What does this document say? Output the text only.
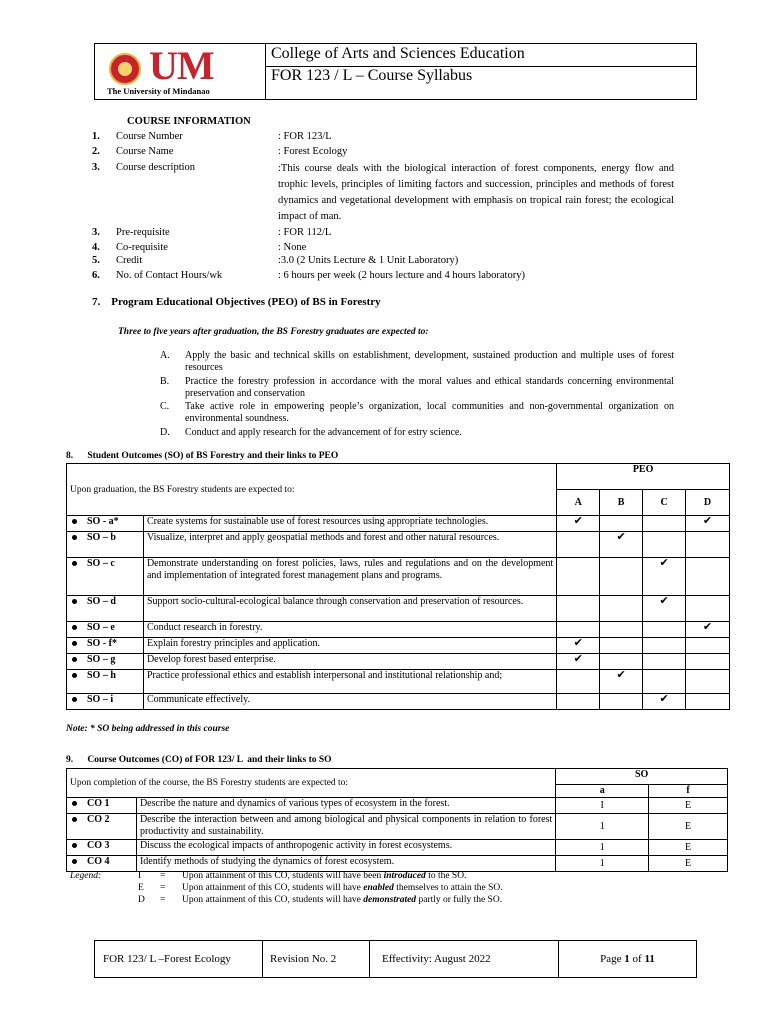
UM
The University of Mindanao
College of Arts and Sciences Education
FOR 123 / L – Course Syllabus
COURSE INFORMATION
1. Course Number	: FOR 123/L
2. Course Name	: Forest Ecology
3. Course description	:This course deals with the biological interaction of forest components, energy flow and trophic levels, principles of limiting factors and succession, principles and methods of forest dynamics and vegetational development with emphasis on tropical rain forest; the ecological impact of man.
3. Pre-requisite	: FOR 112/L
4. Co-requisite	: None
5. Credit	:3.0 (2 Units Lecture & 1 Unit Laboratory)
6. No. of Contact Hours/wk	: 6 hours per week (2 hours lecture and 4 hours laboratory)
7.    Program Educational Objectives (PEO) of BS in Forestry
Three to five years after graduation, the BS Forestry graduates are expected to:
A. Apply the basic and technical skills on establishment, development, sustained production and multiple uses of forest resources
B. Practice the forestry profession in accordance with the moral values and ethical standards concerning environmental preservation and conservation
C. Take active role in empowering people’s organization, local communities and non-governmental organization on environmental soundness.
D. Conduct and apply research for the advancement of for estry science.
8.      Student Outcomes (SO) of BS Forestry and their links to PEO
Upon graduation, the BS Forestry students are expected to:		PEO			
		A	B	C	D
SO - a*	Create systems for sustainable use of forest resources using appropriate technologies.	✔			✔
SO – b	Visualize, interpret and apply geospatial methods and forest and other natural resources.		✔		
SO – c	Demonstrate understanding on forest policies, laws, rules and regulations and on the development and implementation of integrated forest management plans and programs.			✔	
SO – d	Support socio-cultural-ecological balance through conservation and preservation of resources.			✔	
SO – e	Conduct research in forestry.				✔
SO - f*	Explain forestry principles and application.	✔			
SO – g	Develop forest based enterprise.	✔			
SO – h	Practice professional ethics and establish interpersonal and institutional relationship and;		✔		
SO – i	Communicate effectively.			✔	
Note: * SO being addressed in this course
9.      Course Outcomes (CO) of FOR 123/ L  and their links to SO
Upon completion of the course, the BS Forestry students are expected to:		SO	
		a	f
CO 1	Describe the nature and dynamics of various types of ecosystem in the forest.	I	E
CO 2	Describe the interaction between and among biological and physical components in relation to forest productivity and sustainability.	1	E
CO 3	Discuss the ecological impacts of anthropogenic activity in forest ecosystems.	1	E
CO 4	Identify methods of studying the dynamics of forest ecosystem.	1	E
Legend:	I = Upon attainment of this CO, students will have been introduced to the SO.
E = Upon attainment of this CO, students will have enabled themselves to attain the SO.
D = Upon attainment of this CO, students will have demonstrated partly or fully the SO.
FOR 123/ L –Forest Ecology	Revision No. 2	Effectivity: August 2022	Page 1 of 11
